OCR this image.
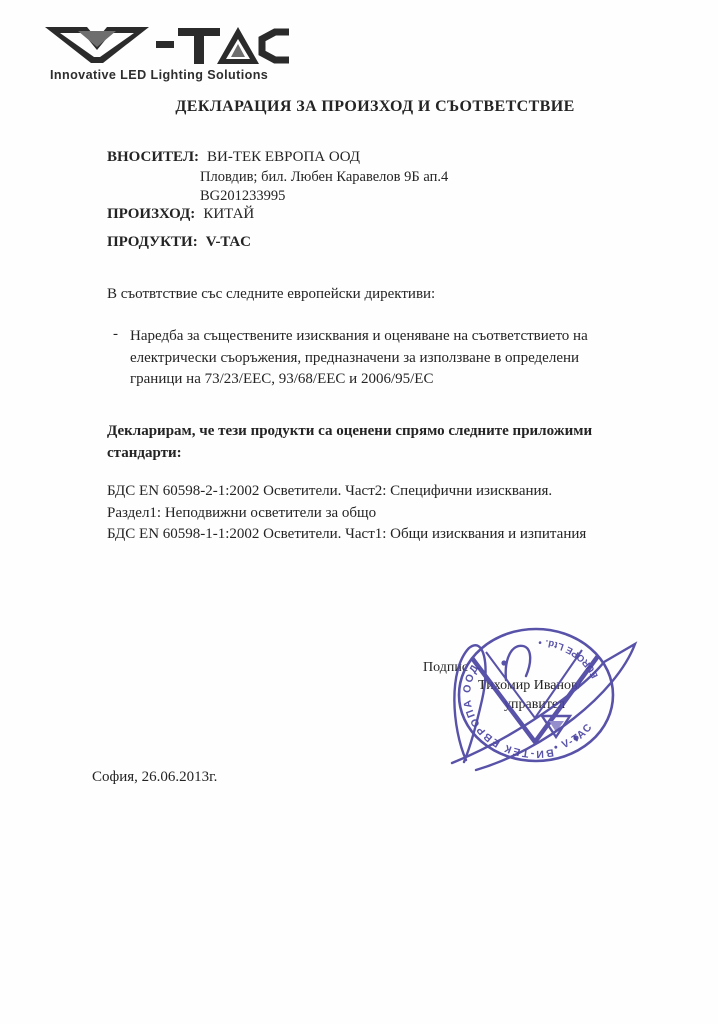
Innovative LED Lighting Solutions
ДЕКЛАРАЦИЯ ЗА ПРОИЗХОД И СЪОТВЕТСТВИЕ
ВНОСИТЕЛ: ВИ-ТЕК ЕВРОПА ООД
Пловдив; бил. Любен Каравелов 9Б ап.4
BG201233995
ПРОИЗХОД: КИТАЙ
ПРОДУКТИ: V-TAC
В съотвтствие със следните европейски директиви:
- Наредба за съществените изисквания и оценяване на съответствието на електрически съоръжения, предназначени за използване в определени граници на 73/23/EEC, 93/68/EEC и 2006/95/EC
Декларирам, че тези продукти са оценени спрямо следните приложими стандарти:
БДС EN 60598-2-1:2002 Осветители. Част2: Специфични изисквания. Раздел1: Неподвижни осветители за общо
БДС EN 60598-1-1:2002 Осветители. Част1: Общи изисквания и изпитания
Подпис
Тихомир Иванов/
управител
ВИ-ТЕК ЕВРОПА ООД	EUROPE Ltd. •
• V-TAC
София, 26.06.2013г.
